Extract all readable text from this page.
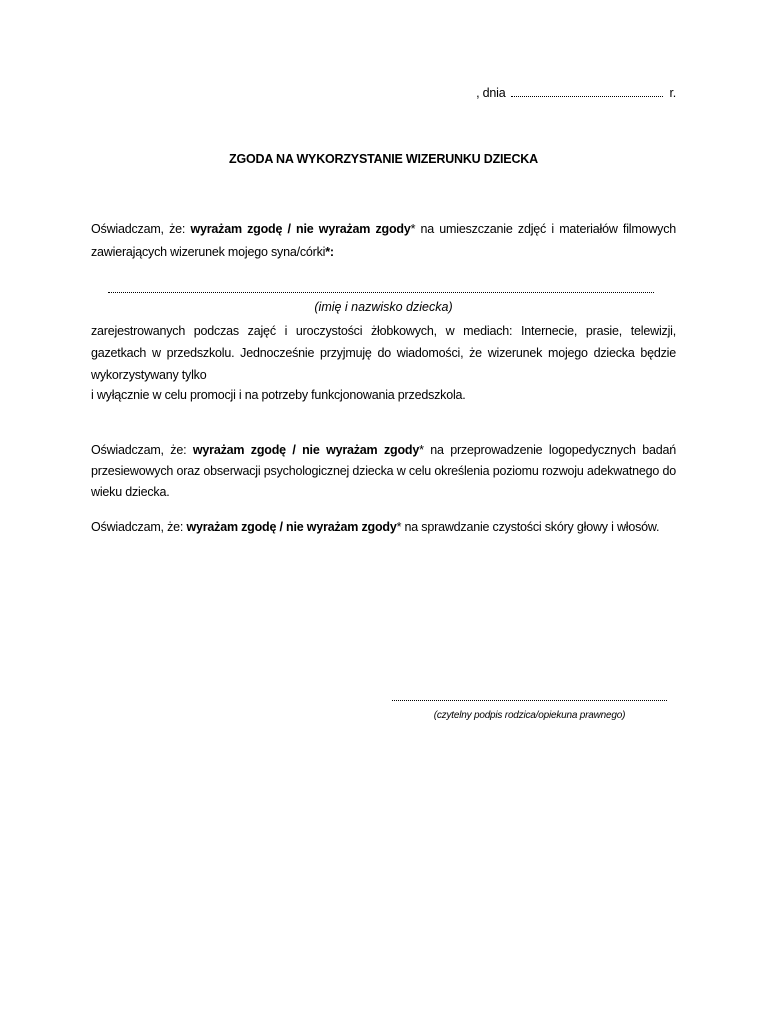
, dnia	r.
ZGODA NA WYKORZYSTANIE WIZERUNKU DZIECKA
Oświadczam, że: wyrażam zgodę / nie wyrażam zgody* na umieszczanie zdjęć i materiałów filmowych zawierających wizerunek mojego syna/córki*:
(imię i nazwisko dziecka)
zarejestrowanych podczas zajęć i uroczystości żłobkowych, w mediach: Internecie, prasie, telewizji, gazetkach w przedszkolu. Jednocześnie przyjmuję do wiadomości, że wizerunek mojego dziecka będzie wykorzystywany tylko
i wyłącznie w celu promocji i na potrzeby funkcjonowania przedszkola.
Oświadczam, że: wyrażam zgodę / nie wyrażam zgody* na przeprowadzenie logopedycznych badań przesiewowych oraz obserwacji psychologicznej dziecka w celu określenia poziomu rozwoju adekwatnego do wieku dziecka.
Oświadczam, że: wyrażam zgodę / nie wyrażam zgody* na sprawdzanie czystości skóry głowy i włosów.
(czytelny podpis rodzica/opiekuna prawnego)
